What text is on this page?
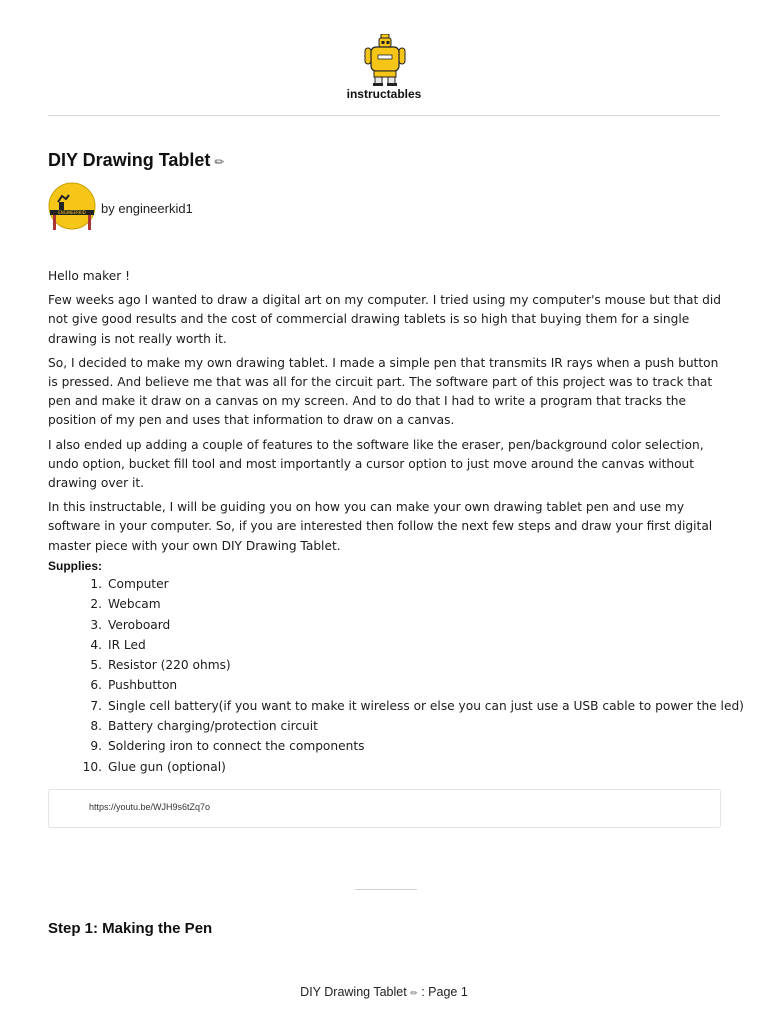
instructables
DIY Drawing Tablet ✏
ENGINEERKID by engineerkid1

Hello maker !

Few weeks ago I wanted to draw a digital art on my computer. I tried using my computer's mouse but that did not give good results and the cost of commercial drawing tablets is so high that buying them for a single drawing is not really worth it.

So, I decided to make my own drawing tablet. I made a simple pen that transmits IR rays when a push button is pressed. And believe me that was all for the circuit part. The software part of this project was to track that pen and make it draw on a canvas on my screen. And to do that I had to write a program that tracks the position of my pen and uses that information to draw on a canvas.

I also ended up adding a couple of features to the software like the eraser, pen/background color selection, undo option, bucket fill tool and most importantly a cursor option to just move around the canvas without drawing over it.

In this instructable, I will be guiding you on how you can make your own drawing tablet pen and use my software in your computer. So, if you are interested then follow the next few steps and draw your first digital master piece with your own DIY Drawing Tablet.

Supplies:
1. Computer
2. Webcam
3. Veroboard
4. IR Led
5. Resistor (220 ohms)
6. Pushbutton
7. Single cell battery(if you want to make it wireless or else you can just use a USB cable to power the led)
8. Battery charging/protection circuit
9. Soldering iron to connect the components
10. Glue gun (optional)
https://youtu.be/WJH9s6tZq7o
Step 1: Making the Pen
DIY Drawing Tablet ✏ : Page 1
